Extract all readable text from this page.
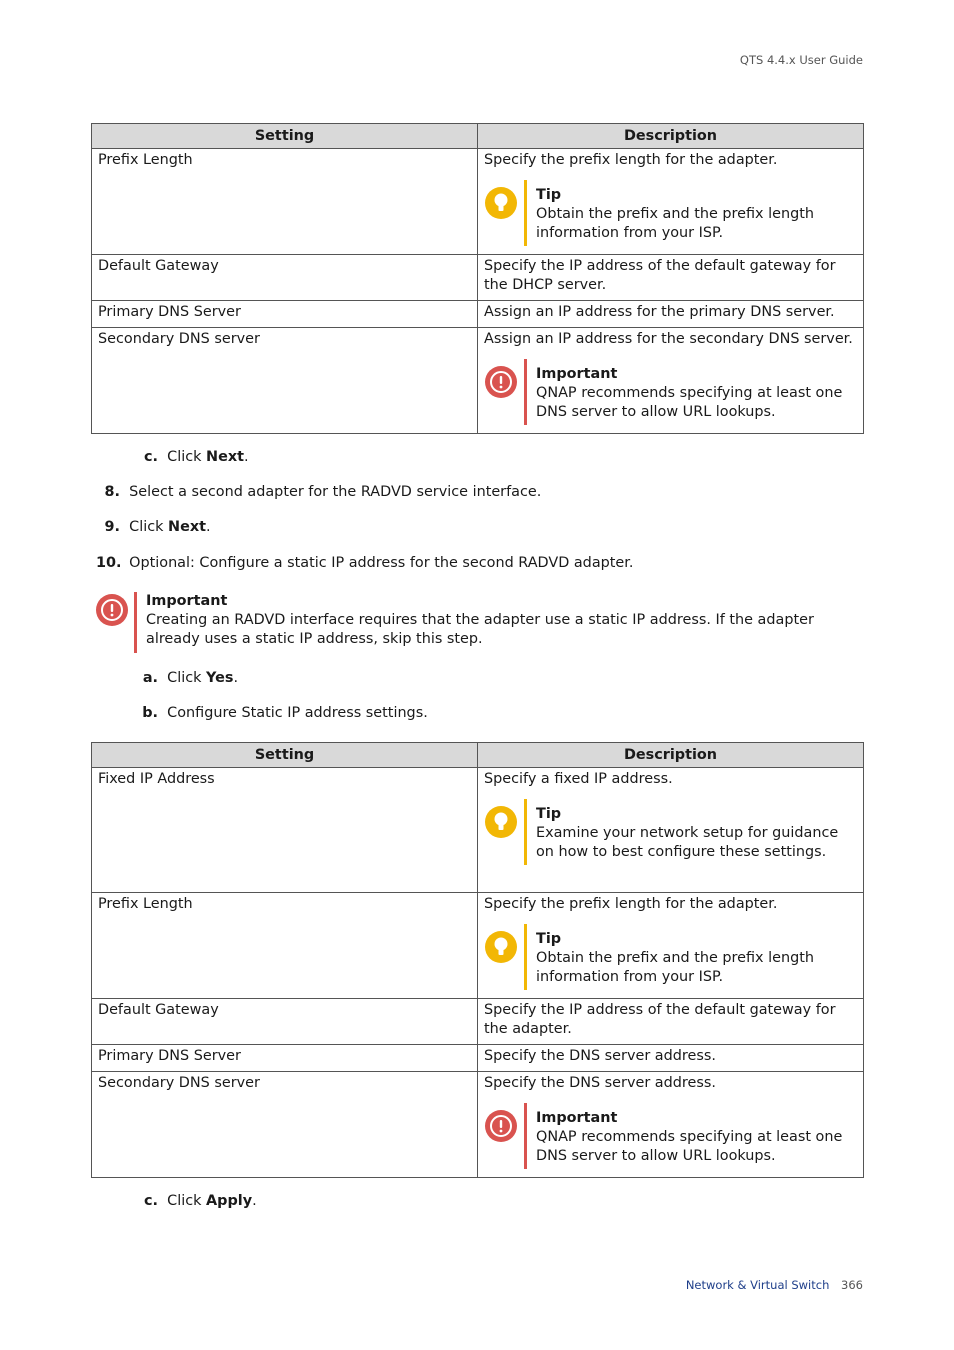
QTS 4.4.x User Guide
Setting	Description
Prefix Length	Specify the prefix length for the adapter.

Tip
Obtain the prefix and the prefix length information from your ISP.

Default Gateway	Specify the IP address of the default gateway for the DHCP server.
Primary DNS Server	Assign an IP address for the primary DNS server.
Secondary DNS server	Assign an IP address for the secondary DNS server.

Important
QNAP recommends specifying at least one DNS server to allow URL lookups.
c. Click Next.
8. Select a second adapter for the RADVD service interface.
9. Click Next.
10. Optional: Configure a static IP address for the second RADVD adapter.
Important
Creating an RADVD interface requires that the adapter use a static IP address. If the adapter already uses a static IP address, skip this step.
a. Click Yes.
b. Configure Static IP address settings.
Setting	Description
Fixed IP Address	Specify a fixed IP address.

Tip
Examine your network setup for guidance on how to best configure these settings.

Prefix Length	Specify the prefix length for the adapter.

Tip
Obtain the prefix and the prefix length information from your ISP.

Default Gateway	Specify the IP address of the default gateway for the adapter.
Primary DNS Server	Specify the DNS server address.
Secondary DNS server	Specify the DNS server address.

Important
QNAP recommends specifying at least one DNS server to allow URL lookups.
c. Click Apply.
Network & Virtual Switch 366
